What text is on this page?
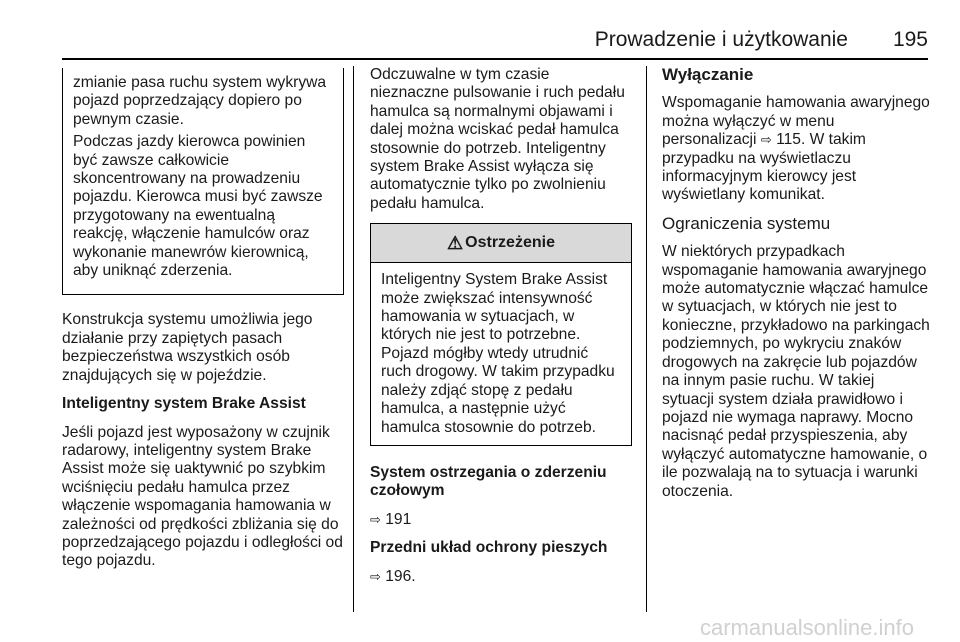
Prowadzenie i użytkowanie 195

zmianie pasa ruchu system wykrywa pojazd poprzedzający dopiero po pewnym czasie.

Podczas jazdy kierowca powinien być zawsze całkowicie skoncentrowany na prowadzeniu pojazdu. Kierowca musi być zawsze przygotowany na ewentualną reakcję, włączenie hamulców oraz wykonanie manewrów kierownicą, aby uniknąć zderzenia.

Konstrukcja systemu umożliwia jego działanie przy zapiętych pasach bezpieczeństwa wszystkich osób znajdujących się w pojeździe.

Inteligentny system Brake Assist

Jeśli pojazd jest wyposażony w czujnik radarowy, inteligentny system Brake Assist może się uaktywnić po szybkim wciśnięciu pedału hamulca przez włączenie wspomagania hamowania w zależności od prędkości zbliżania się do poprzedzającego pojazdu i odległości od tego pojazdu.

Odczuwalne w tym czasie nieznaczne pulsowanie i ruch pedału hamulca są normalnymi objawami i dalej można wciskać pedał hamulca stosownie do potrzeb. Inteligentny system Brake Assist wyłącza się automatycznie tylko po zwolnieniu pedału hamulca.

⚠ Ostrzeżenie
Inteligentny System Brake Assist może zwiększać intensywność hamowania w sytuacjach, w których nie jest to potrzebne. Pojazd mógłby wtedy utrudnić ruch drogowy. W takim przypadku należy zdjąć stopę z pedału hamulca, a następnie użyć hamulca stosownie do potrzeb.

System ostrzegania o zderzeniu czołowym

⇨ 191

Przedni układ ochrony pieszych

⇨ 196.

Wyłączanie

Wspomaganie hamowania awaryjnego można wyłączyć w menu personalizacji ⇨ 115. W takim przypadku na wyświetlaczu informacyjnym kierowcy jest wyświetlany komunikat.

Ograniczenia systemu

W niektórych przypadkach wspomaganie hamowania awaryjnego może automatycznie włączać hamulce w sytuacjach, w których nie jest to konieczne, przykładowo na parkingach podziemnych, po wykryciu znaków drogowych na zakręcie lub pojazdów na innym pasie ruchu. W takiej sytuacji system działa prawidłowo i pojazd nie wymaga naprawy. Mocno nacisnąć pedał przyspieszenia, aby wyłączyć automatyczne hamowanie, o ile pozwalają na to sytuacja i warunki otoczenia.

carmanualsonline.info
